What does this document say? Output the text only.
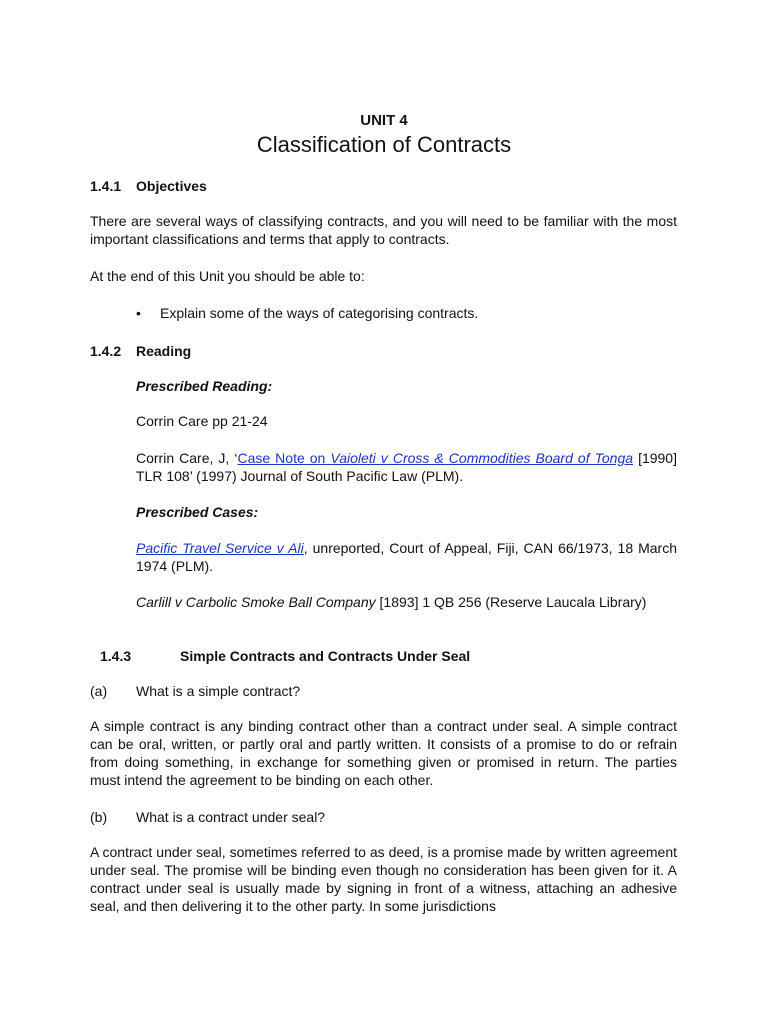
UNIT 4

Classification of Contracts
1.4.1 Objectives

There are several ways of classifying contracts, and you will need to be familiar with the most important classifications and terms that apply to contracts.

At the end of this Unit you should be able to:

• Explain some of the ways of categorising contracts.

1.4.2 Reading

Prescribed Reading:

Corrin Care pp 21-24

Corrin Care, J, ‘Case Note on Vaioleti v Cross & Commodities Board of Tonga [1990] TLR 108’ (1997) Journal of South Pacific Law (PLM).

Prescribed Cases:

Pacific Travel Service v Ali, unreported, Court of Appeal, Fiji, CAN 66/1973, 18 March 1974 (PLM).

Carlill v Carbolic Smoke Ball Company [1893] 1 QB 256 (Reserve Laucala Library)

1.4.3	Simple Contracts and Contracts Under Seal

(a) What is a simple contract?

A simple contract is any binding contract other than a contract under seal. A simple contract can be oral, written, or partly oral and partly written. It consists of a promise to do or refrain from doing something, in exchange for something given or promised in return. The parties must intend the agreement to be binding on each other.

(b) What is a contract under seal?

A contract under seal, sometimes referred to as deed, is a promise made by written agreement under seal. The promise will be binding even though no consideration has been given for it. A contract under seal is usually made by signing in front of a witness, attaching an adhesive seal, and then delivering it to the other party. In some jurisdictions
